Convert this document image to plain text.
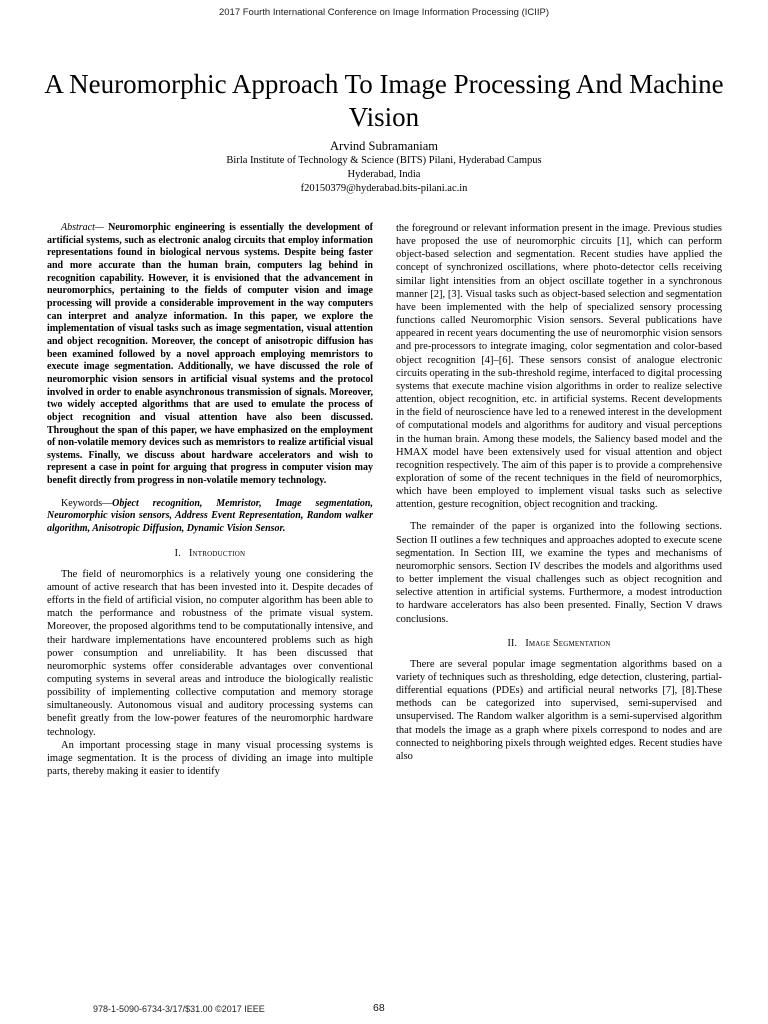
2017 Fourth International Conference on Image Information Processing (ICIIP)
A Neuromorphic Approach To Image Processing And Machine Vision
Arvind Subramaniam
Birla Institute of Technology & Science (BITS) Pilani, Hyderabad Campus
Hyderabad, India
f20150379@hyderabad.bits-pilani.ac.in

Abstract— Neuromorphic engineering is essentially the development of artificial systems, such as electronic analog circuits that employ information representations found in biological nervous systems. Despite being faster and more accurate than the human brain, computers lag behind in recognition capability. However, it is envisioned that the advancement in neuromorphics, pertaining to the fields of computer vision and image processing will provide a considerable improvement in the way computers can interpret and analyze information. In this paper, we explore the implementation of visual tasks such as image segmentation, visual attention and object recognition. Moreover, the concept of anisotropic diffusion has been examined followed by a novel approach employing memristors to execute image segmentation. Additionally, we have discussed the role of neuromorphic vision sensors in artificial visual systems and the protocol involved in order to enable asynchronous transmission of signals. Moreover, two widely accepted algorithms that are used to emulate the process of object recognition and visual attention have also been discussed. Throughout the span of this paper, we have emphasized on the employment of non-volatile memory devices such as memristors to realize artificial visual systems. Finally, we discuss about hardware accelerators and wish to represent a case in point for arguing that progress in computer vision may benefit directly from progress in non-volatile memory technology.

Keywords—Object recognition, Memristor, Image segmentation, Neuromorphic vision sensors, Address Event Representation, Random walker algorithm, Anisotropic Diffusion, Dynamic Vision Sensor.

I. Introduction

The field of neuromorphics is a relatively young one considering the amount of active research that has been invested into it. Despite decades of efforts in the field of artificial vision, no computer algorithm has been able to match the performance and robustness of the primate visual system. Moreover, the proposed algorithms tend to be computationally intensive, and their hardware implementations have encountered problems such as high power consumption and unreliability. It has been discussed that neuromorphic systems offer considerable advantages over conventional computing systems in several areas and introduce the biologically realistic possibility of implementing collective computation and memory storage simultaneously. Autonomous visual and auditory processing systems can benefit greatly from the low-power features of the neuromorphic hardware technology.

An important processing stage in many visual processing systems is image segmentation. It is the process of dividing an image into multiple parts, thereby making it easier to identify

the foreground or relevant information present in the image. Previous studies have proposed the use of neuromorphic circuits [1], which can perform object-based selection and segmentation. Recent studies have applied the concept of synchronized oscillations, where photo-detector cells receiving similar light intensities from an object oscillate together in a synchronous manner [2], [3]. Visual tasks such as object-based selection and segmentation have been implemented with the help of specialized sensory processing functions called Neuromorphic Vision sensors. Several publications have appeared in recent years documenting the use of neuromorphic vision sensors and pre-processors to integrate imaging, color segmentation and color-based object recognition [4]–[6]. These sensors consist of analogue electronic circuits operating in the sub-threshold regime, interfaced to digital processing systems that execute machine vision algorithms in order to realize selective attention, object recognition, etc. in artificial systems. Recent developments in the field of neuroscience have led to a renewed interest in the development of computational models and algorithms for auditory and visual perceptions in the human brain. Among these models, the Saliency based model and the HMAX model have been extensively used for visual attention and object recognition respectively. The aim of this paper is to provide a comprehensive exploration of some of the recent techniques in the field of neuromorphics, which have been employed to implement visual tasks such as selective attention, gesture recognition, object recognition and tracking.

The remainder of the paper is organized into the following sections. Section II outlines a few techniques and approaches adopted to execute scene segmentation. In Section III, we examine the types and mechanisms of neuromorphic sensors. Section IV describes the models and algorithms used to better implement the visual challenges such as object recognition and selective attention in artificial systems. Furthermore, a modest introduction to hardware accelerators has also been presented. Finally, Section V draws conclusions.

II. Image Segmentation

There are several popular image segmentation algorithms based on a variety of techniques such as thresholding, edge detection, clustering, partial-differential equations (PDEs) and artificial neural networks [7], [8].These methods can be categorized into supervised, semi-supervised and unsupervised. The Random walker algorithm is a semi-supervised algorithm that models the image as a graph where pixels correspond to nodes and are connected to neighboring pixels through weighted edges. Recent studies have also

978-1-5090-6734-3/17/$31.00 ©2017 IEEE	68
